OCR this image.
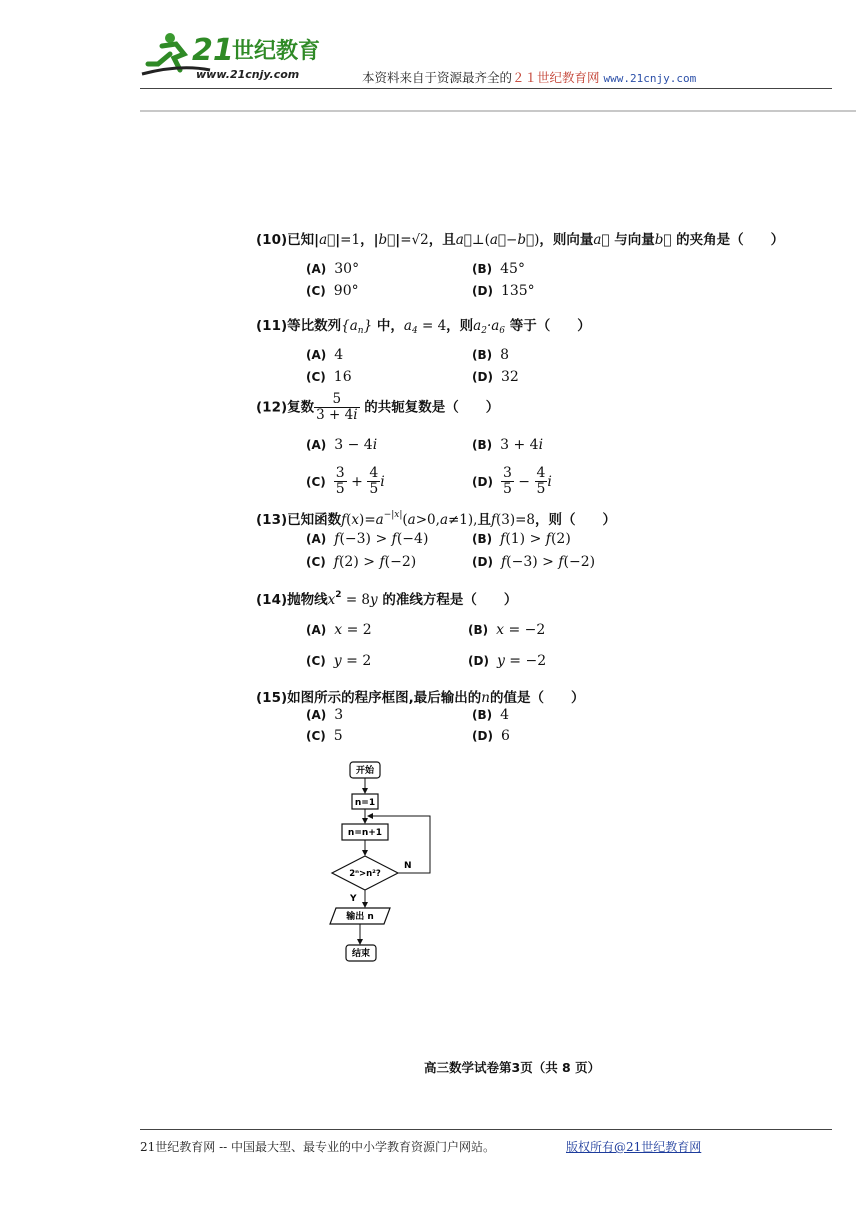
21
世纪教育
www.21cnjy.com	本资料来自于资源最齐全的２１世纪教育网 www.21cnjy.com
(10)已知|a⃗|=1，|b⃗|=√2，且a⃗⊥(a⃗−b⃗)，则向量a⃗ 与向量b⃗ 的夹角是（　　）
(A) 30°	(B) 45°
(C) 90°	(D) 135°
(11)等比数列$\{a_n\}$ 中，$a_4 = 4$，则$a_2\cdot a_6$ 等于（　　）
(A) 4	(B) 8
(C) 16	(D) 32
(12)复数 $\frac{5}{3 + 4i}$ 的共轭复数是（　　）
(A) 3 − 4i	(B) 3 + 4i
$(C) \frac{3}{5} + \frac{4}{5}$ i	$(D) \frac{3}{5} - \frac{4}{5}$ i
(13)已知函数$f(x)=a^{-|x|}(a>0,a\ne 1)$,且f(3)=8，则（　　）
(A) f(−3) > f(−4)	(B) f(1) > f(2)
(C) f(2) > f(−2)	(D) f(−3) > f(−2)
(14)抛物线$x^2 = 8y$ 的准线方程是（　　）
(A) x = 2	(B) x = −2
(C) y = 2	(D) y = −2
(15)如图所示的程序框图,最后输出的n的值是（　　）
(A) 3	(B) 4
(C) 5	(D) 6
开始
n=1
n=n+1
2ⁿ>n²?
N
Y
输出 n
结束
高三数学试卷第3页（共 8 页）
21世纪教育网 -- 中国最大型、最专业的中小学教育资源门户网站。	版权所有@21世纪教育网
